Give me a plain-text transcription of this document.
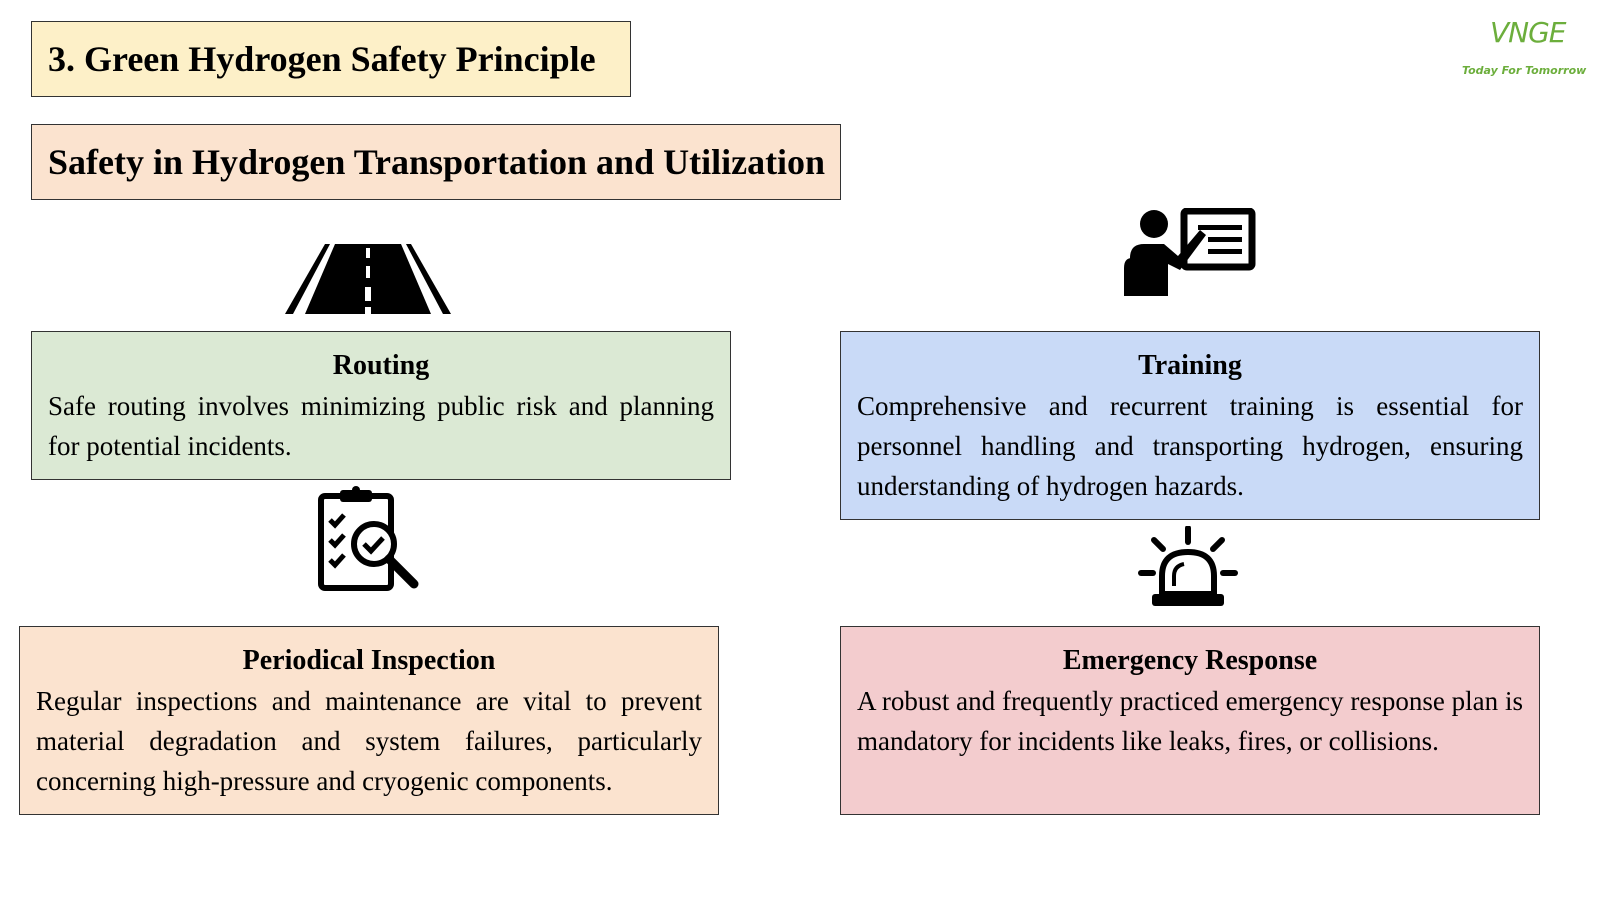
3. Green Hydrogen Safety Principle
Safety in Hydrogen Transportation and Utilization
VNGE
Today For Tomorrow
Routing
Safe routing involves minimizing public risk and planning for potential incidents.
Training
Comprehensive and recurrent training is essential for personnel handling and transporting hydrogen, ensuring understanding of hydrogen hazards.
Periodical Inspection
Regular inspections and maintenance are vital to prevent material degradation and system failures, particularly concerning high-pressure and cryogenic components.
Emergency Response
A robust and frequently practiced emergency response plan is mandatory for incidents like leaks, fires, or collisions.
